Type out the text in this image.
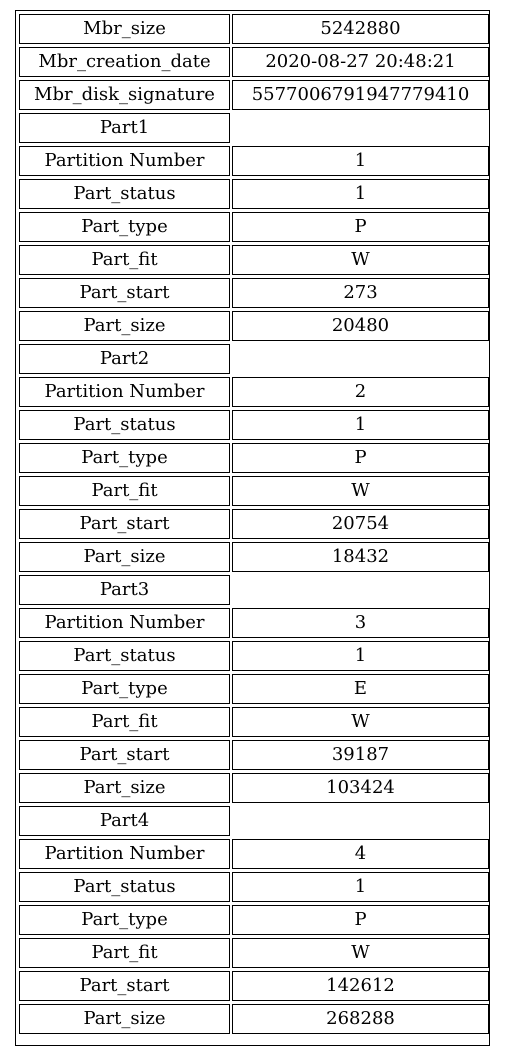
Mbr_size	5242880
Mbr_creation_date	2020-08-27 20:48:21
Mbr_disk_signature	5577006791947779410
Part1	
Partition Number	1
Part_status	1
Part_type	P
Part_fit	W
Part_start	273
Part_size	20480
Part2	
Partition Number	2
Part_status	1
Part_type	P
Part_fit	W
Part_start	20754
Part_size	18432
Part3	
Partition Number	3
Part_status	1
Part_type	E
Part_fit	W
Part_start	39187
Part_size	103424
Part4	
Partition Number	4
Part_status	1
Part_type	P
Part_fit	W
Part_start	142612
Part_size	268288
